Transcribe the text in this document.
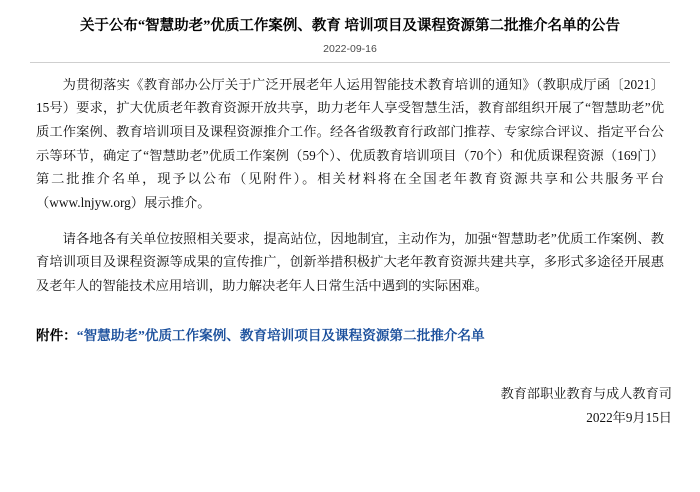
关于公布“智慧助老”优质工作案例、教育 培训项目及课程资源第二批推介名单的公告
2022-09-16

为贯彻落实《教育部办公厅关于广泛开展老年人运用智能技术教育培训的通知》（教职成厅函〔2021〕15号）要求，扩大优质老年教育资源开放共享，助力老年人享受智慧生活，教育部组织开展了“智慧助老”优质工作案例、教育培训项目及课程资源推介工作。经各省级教育行政部门推荐、专家综合评议、指定平台公示等环节，确定了“智慧助老”优质工作案例（59个）、优质教育培训项目（70个）和优质课程资源（169门）第二批推介名单，现予以公布（见附件）。相关材料将在全国老年教育资源共享和公共服务平台（www.lnjyw.org）展示推介。

请各地各有关单位按照相关要求，提高站位，因地制宜，主动作为，加强“智慧助老”优质工作案例、教育培训项目及课程资源等成果的宣传推广，创新举措积极扩大老年教育资源共建共享，多形式多途径开展惠及老年人的智能技术应用培训，助力解决老年人日常生活中遇到的实际困难。

附件：“智慧助老”优质工作案例、教育培训项目及课程资源第二批推介名单
教育部职业教育与成人教育司
2022年9月15日
